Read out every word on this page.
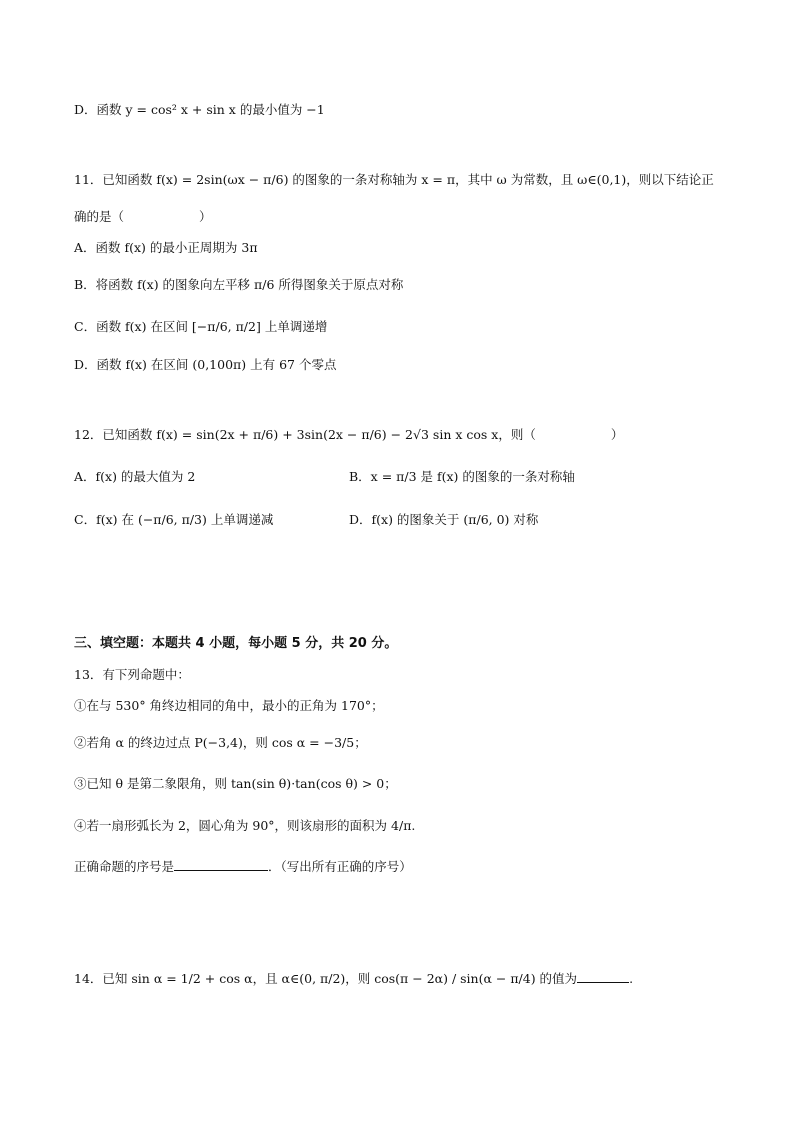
D．函数 y = cos² x + sin x 的最小值为 −1
11．已知函数 f(x) = 2sin(ωx − π/6) 的图象的一条对称轴为 x = π，其中 ω 为常数，且 ω∈(0,1)，则以下结论正
确的是（　　　　　　）
A．函数 f(x) 的最小正周期为 3π
B．将函数 f(x) 的图象向左平移 π/6 所得图象关于原点对称
C．函数 f(x) 在区间 [−π/6, π/2] 上单调递增
D．函数 f(x) 在区间 (0,100π) 上有 67 个零点
12．已知函数 f(x) = sin(2x + π/6) + 3sin(2x − π/6) − 2√3 sin x cos x，则（　　　　　　）
A．f(x) 的最大值为 2	B．x = π/3 是 f(x) 的图象的一条对称轴
C．f(x) 在 (−π/6, π/3) 上单调递减	D．f(x) 的图象关于 (π/6, 0) 对称
三、填空题：本题共 4 小题，每小题 5 分，共 20 分。
13．有下列命题中：
①在与 530° 角终边相同的角中，最小的正角为 170°；
②若角 α 的终边过点 P(−3,4)，则 cos α = −3/5；
③已知 θ 是第二象限角，则 tan(sin θ)·tan(cos θ) > 0；
④若一扇形弧长为 2，圆心角为 90°，则该扇形的面积为 4/π.
正确命题的序号是	．（写出所有正确的序号）
14．已知 sin α = 1/2 + cos α，且 α∈(0, π/2)，则 cos(π − 2α) / sin(α − π/4) 的值为	.
